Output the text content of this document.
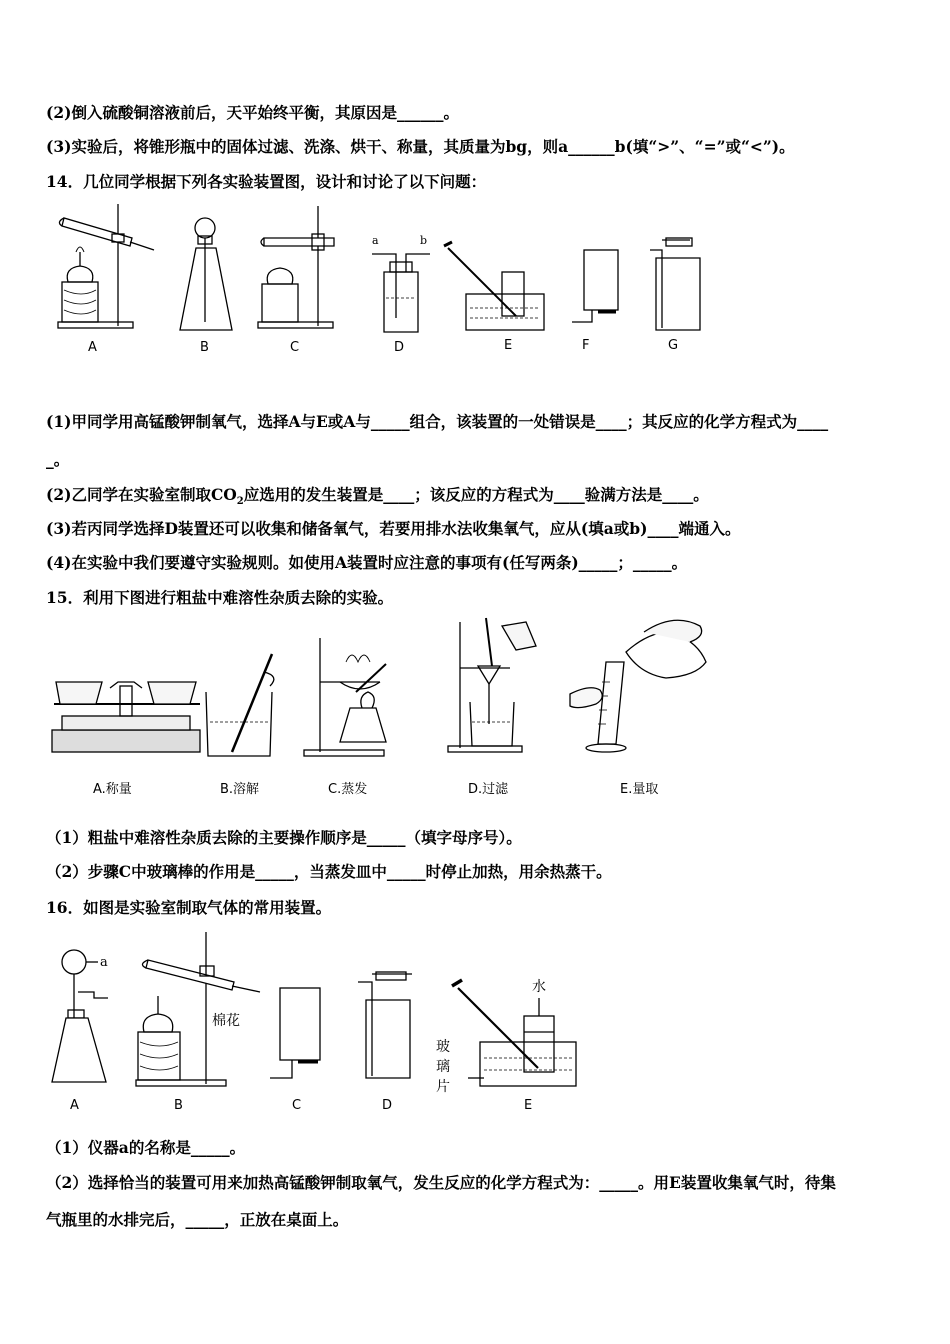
(2)倒入硫酸铜溶液前后，天平始终平衡，其原因是______。
(3)实验后，将锥形瓶中的固体过滤、洗涤、烘干、称量，其质量为bg，则a______b(填“>”、“=”或“<”)。
14．几位同学根据下列各实验装置图，设计和讨论了以下问题：
a	b
A	B	C	D	E	F	G
(1)甲同学用高锰酸钾制氧气，选择A与E或A与_____组合，该装置的一处错误是____；其反应的化学方程式为____
_。
(2)乙同学在实验室制取$CO_2$应选用的发生装置是____；该反应的方程式为____验满方法是____。
(3)若丙同学选择D装置还可以收集和储备氧气，若要用排水法收集氧气，应从(填a或b)____端通入。
(4)在实验中我们要遵守实验规则。如使用A装置时应注意的事项有(任写两条)_____；_____。
15．利用下图进行粗盐中难溶性杂质去除的实验。
A.称量	B.溶解	C.蒸发	D.过滤	E.量取
（1）粗盐中难溶性杂质去除的主要操作顺序是_____（填字母序号）。
（2）步骤C中玻璃棒的作用是_____，当蒸发皿中_____时停止加热，用余热蒸干。
16．如图是实验室制取气体的常用装置。
a
棉花
水
玻
璃
片
A	B	C	D	E
（1）仪器a的名称是_____。
（2）选择恰当的装置可用来加热高锰酸钾制取氧气，发生反应的化学方程式为：_____。用E装置收集氧气时，待集
气瓶里的水排完后，_____，正放在桌面上。
